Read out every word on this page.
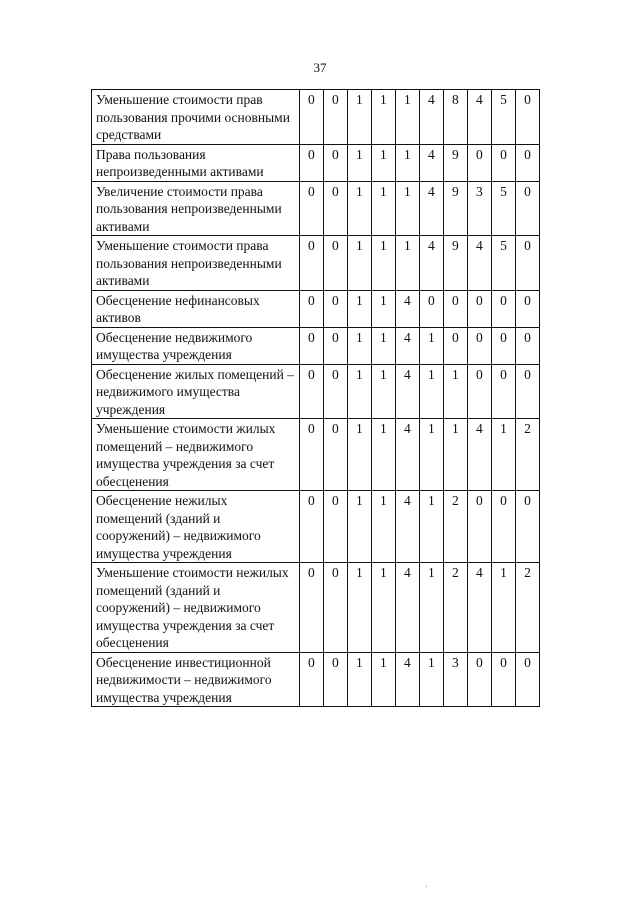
37
Уменьшение стоимости прав пользования прочими основными средствами	0	0	1	1	1	4	8	4	5	0
Права пользования непроизведенными активами	0	0	1	1	1	4	9	0	0	0
Увеличение стоимости права пользования непроизведенными активами	0	0	1	1	1	4	9	3	5	0
Уменьшение стоимости права пользования непроизведенными активами	0	0	1	1	1	4	9	4	5	0
Обесценение нефинансовых активов	0	0	1	1	4	0	0	0	0	0
Обесценение недвижимого имущества учреждения	0	0	1	1	4	1	0	0	0	0
Обесценение жилых помещений – недвижимого имущества учреждения	0	0	1	1	4	1	1	0	0	0
Уменьшение стоимости жилых помещений – недвижимого имущества учреждения за счет обесценения	0	0	1	1	4	1	1	4	1	2
Обесценение нежилых помещений (зданий и сооружений) – недвижимого имущества учреждения	0	0	1	1	4	1	2	0	0	0
Уменьшение стоимости нежилых помещений (зданий и сооружений) – недвижимого имущества учреждения за счет обесценения	0	0	1	1	4	1	2	4	1	2
Обесценение инвестиционной недвижимости – недвижимого имущества учреждения	0	0	1	1	4	1	3	0	0	0
'
